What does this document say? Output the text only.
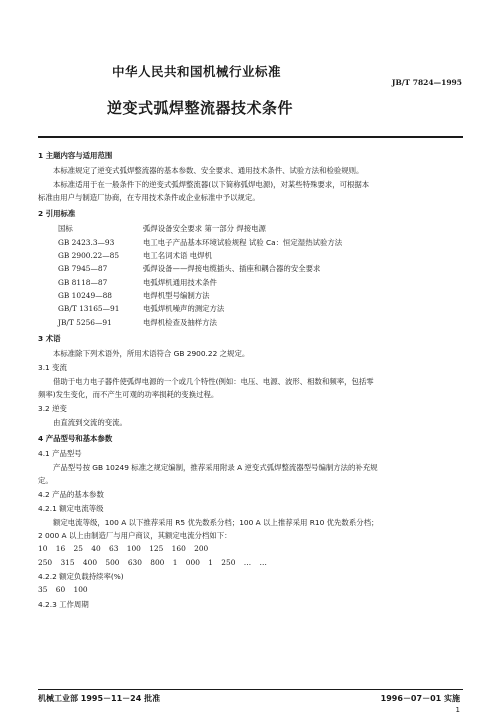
中华人民共和国机械行业标准
JB/T 7824—1995
逆变式弧焊整流器技术条件

1 主题内容与适用范围

本标准规定了逆变式弧焊整流器的基本参数、安全要求、通用技术条件、试验方法和检验规则。

本标准适用于在一般条件下的逆变式弧焊整流器(以下简称弧焊电源)，对某些特殊要求，可根据本

标准由用户与制造厂协商，在专用技术条件或企业标准中予以规定。

2 引用标准

国标	弧焊设备安全要求 第一部分 焊接电源
GB 2423.3—93	电工电子产品基本环境试验规程 试验 Ca：恒定湿热试验方法
GB 2900.22—85	电工名词术语 电焊机
GB 7945—87	弧焊设备——焊接电缆插头、插座和耦合器的安全要求
GB 8118—87	电弧焊机通用技术条件
GB 10249—88	电焊机型号编制方法
GB/T 13165—91	电弧焊机噪声的测定方法
JB/T 5256—91	电焊机检查及抽样方法

3 术语

本标准除下列术语外，所用术语符合 GB 2900.22 之规定。

3.1 变流

借助于电力电子器件使弧焊电源的一个或几个特性(例如：电压、电源、波形、相数和频率，包括零

频率)发生变化，而不产生可观的功率损耗的变换过程。

3.2 逆变

由直流到交流的变流。

4 产品型号和基本参数

4.1 产品型号

产品型号按 GB 10249 标准之规定编制，推荐采用附录 A 逆变式弧焊整流器型号编制方法的补充规

定。

4.2 产品的基本参数

4.2.1 额定电流等级

额定电流等级，100 A 以下推荐采用 R5 优先数系分档；100 A 以上推荐采用 R10 优先数系分档；

2 000 A 以上由制造厂与用户商议，其额定电流分档如下：

10 16 25 40 63 100 125 160 200

250 315 400 500 630 800 1 000 1 250 … …

4.2.2 额定负载持续率(%)

35 60 100

4.2.3 工作周期

机械工业部 1995－11－24 批准	1996－07－01 实施
1
